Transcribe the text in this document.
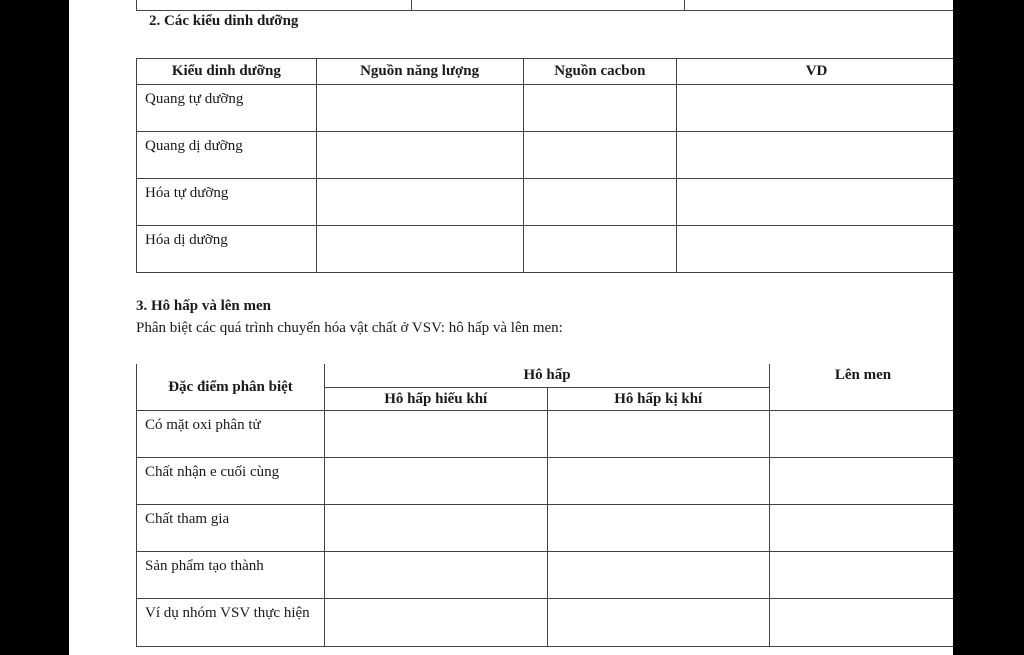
2. Các kiểu dinh dưỡng
Kiểu dinh dưỡng	Nguồn năng lượng	Nguồn cacbon	VD

Quang tự dưỡng			

Quang dị dưỡng			

Hóa tự dưỡng			

Hóa dị dưỡng			

3. Hô hấp và lên men
Phân biệt các quá trình chuyển hóa vật chất ở VSV: hô hấp và lên men:
Đặc điểm phân biệt	Hô hấp		Lên men
	Hô hấp hiếu khí	Hô hấp kị khí	

Có mặt oxi phân tử			

Chất nhận e cuối cùng			

Chất tham gia			

Sản phẩm tạo thành			

Ví dụ nhóm VSV thực hiện			
